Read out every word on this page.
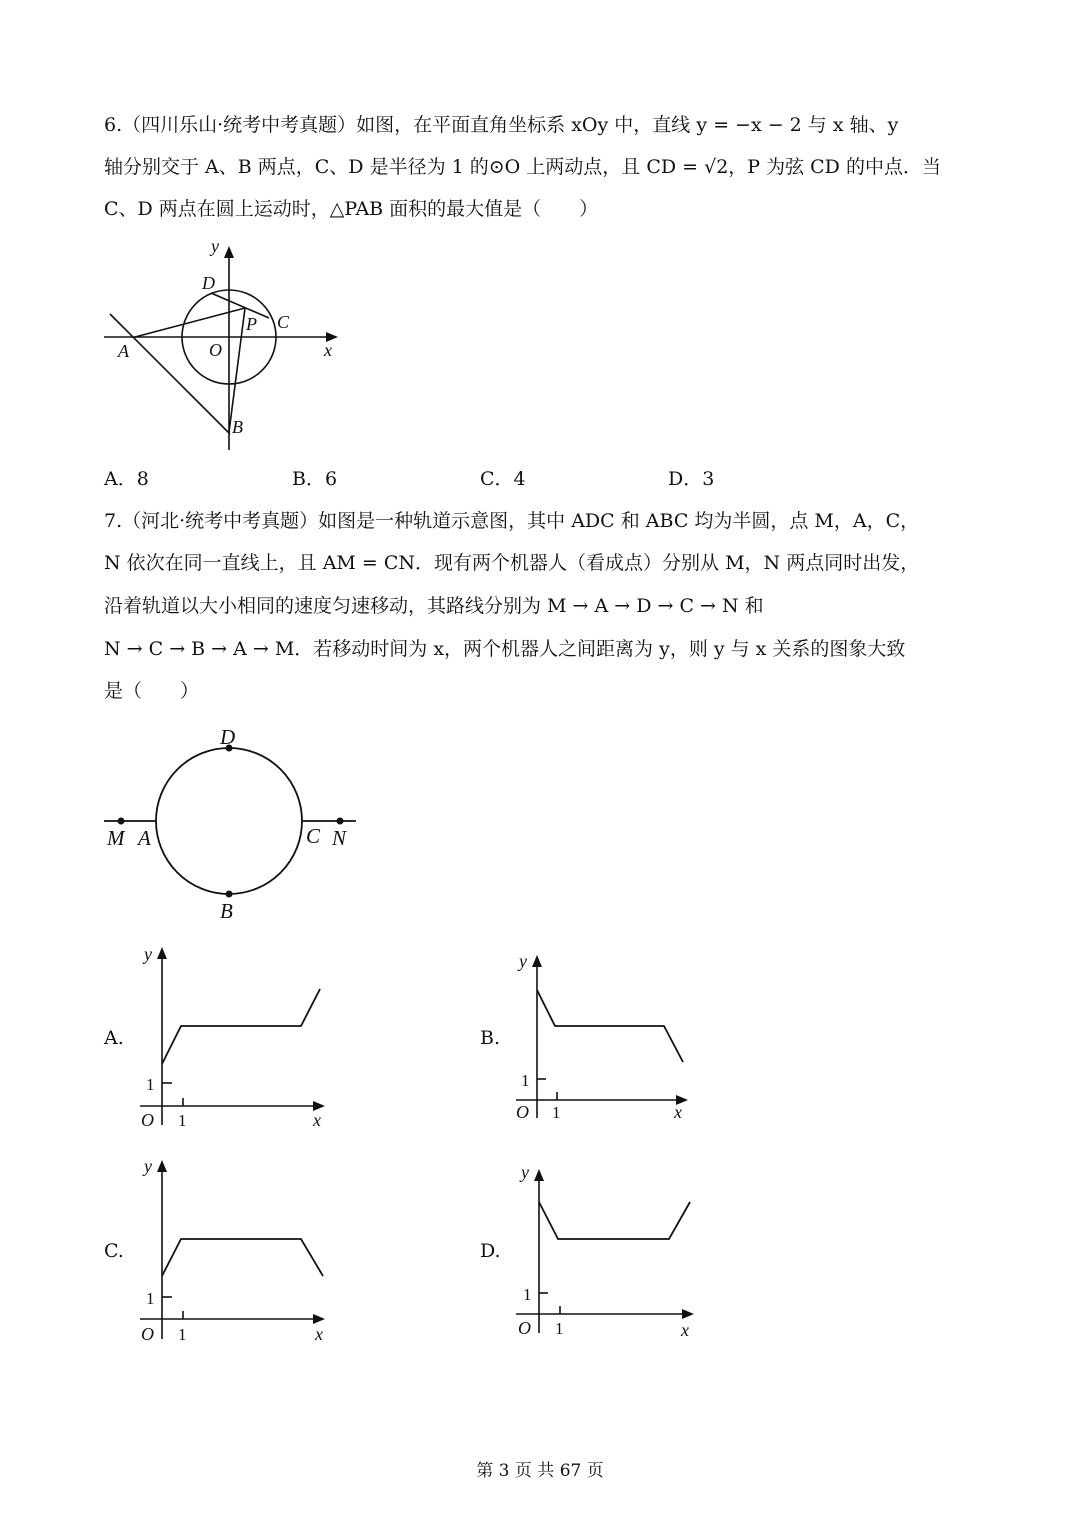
6.（四川乐山·统考中考真题）如图，在平面直角坐标系 xOy 中，直线 y = −x − 2 与 x 轴、y
轴分别交于 A、B 两点，C、D 是半径为 1 的⊙O 上两动点，且 CD = √2，P 为弦 CD 的中点．当
C、D 两点在圆上运动时，△PAB 面积的最大值是（　　）
y
x
D
C
P
A	O
B
A．8	B．6	C．4	D．3
7.（河北·统考中考真题）如图是一种轨道示意图，其中 ADC 和 ABC 均为半圆，点 M，A，C，
N 依次在同一直线上，且 AM = CN．现有两个机器人（看成点）分别从 M，N 两点同时出发，
沿着轨道以大小相同的速度匀速移动，其路线分别为 M → A → D → C → N 和
N → C → B → A → M．若移动时间为 x，两个机器人之间距离为 y，则 y 与 x 关系的图象大致
是（　　）
D
M A	C N
B
A.
y
x
O 1
1
B.
y
x
O 1
1
C.
y
x
O 1
1
D.
y
x
O 1
1
第 3 页 共 67 页
